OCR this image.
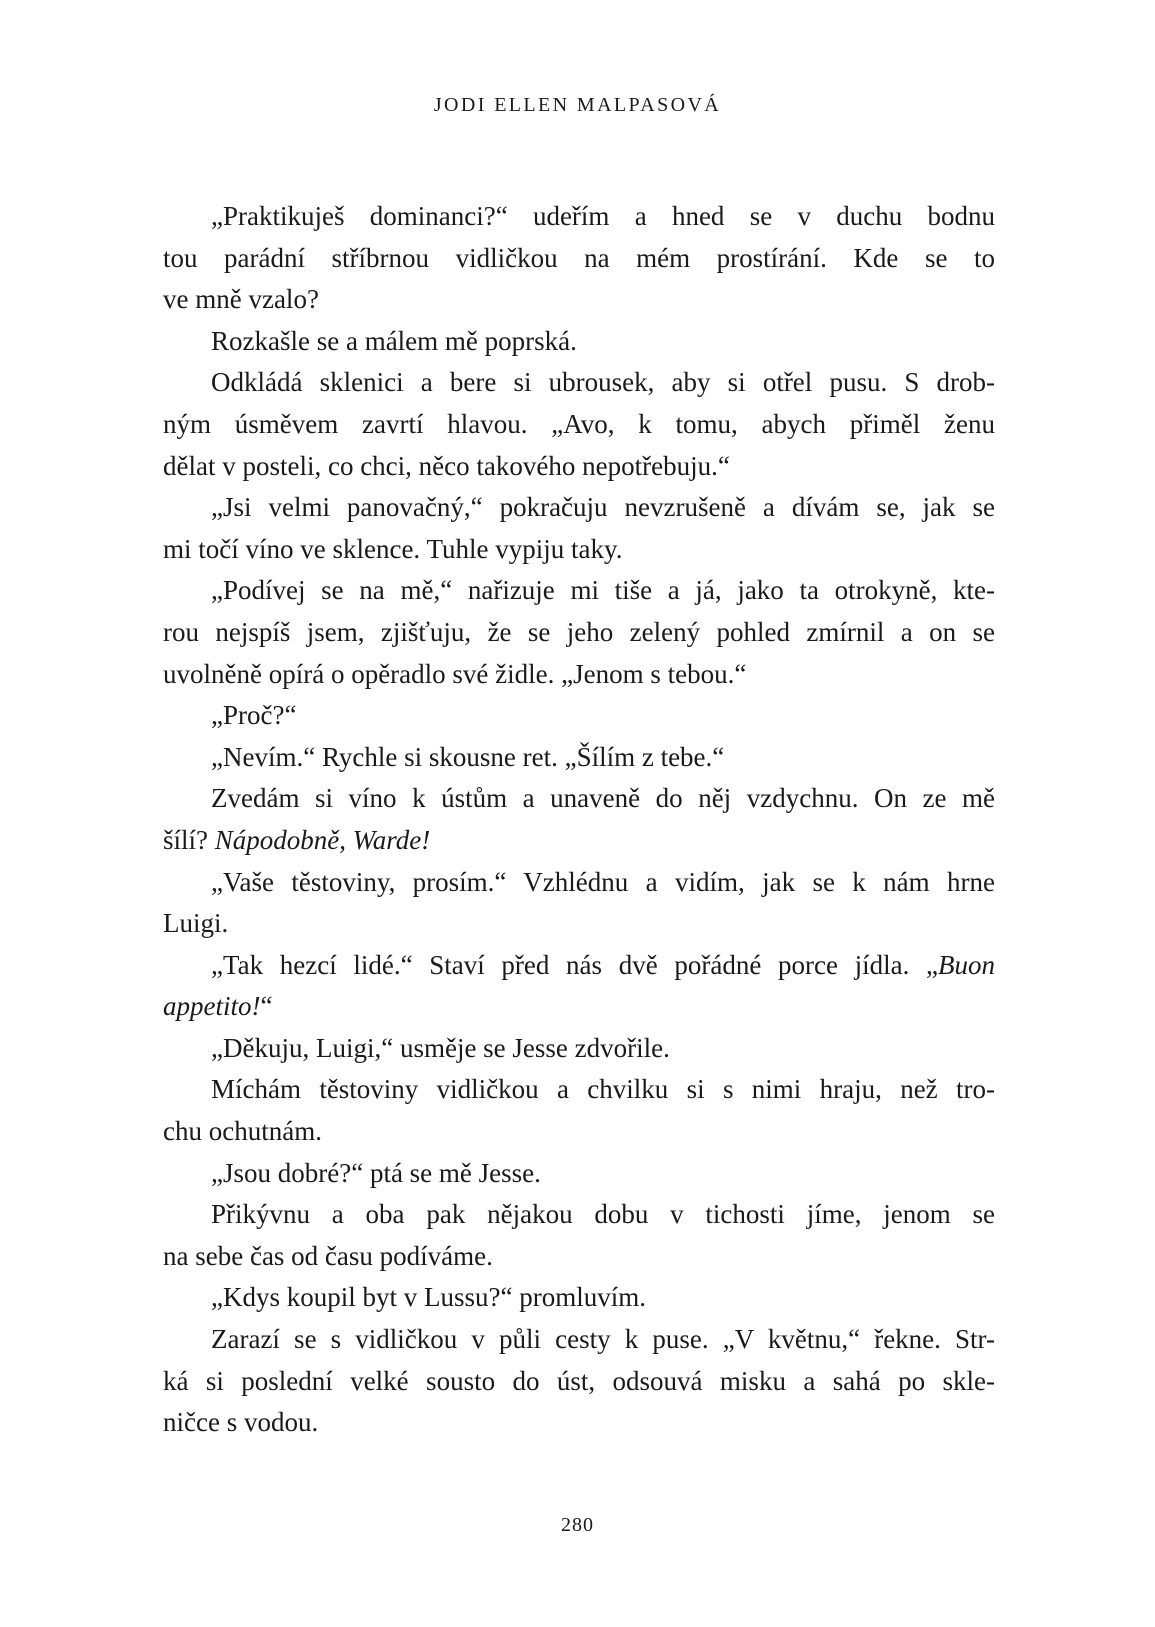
JODI ELLEN MALPASOVÁ
„Praktikuješ dominanci?“ udeřím a hned se v duchu bodnu
tou parádní stříbrnou vidličkou na mém prostírání. Kde se to
ve mně vzalo?
Rozkašle se a málem mě poprská.
Odkládá sklenici a bere si ubrousek, aby si otřel pusu. S drob-
ným úsměvem zavrtí hlavou. „Avo, k tomu, abych přiměl ženu
dělat v posteli, co chci, něco takového nepotřebuju.“
„Jsi velmi panovačný,“ pokračuju nevzrušeně a dívám se, jak se
mi točí víno ve sklence. Tuhle vypiju taky.
„Podívej se na mě,“ nařizuje mi tiše a já, jako ta otrokyně, kte-
rou nejspíš jsem, zjišťuju, že se jeho zelený pohled zmírnil a on se
uvolněně opírá o opěradlo své židle. „Jenom s tebou.“
„Proč?“
„Nevím.“ Rychle si skousne ret. „Šílím z tebe.“
Zvedám si víno k ústům a unaveně do něj vzdychnu. On ze mě
šílí? Nápodobně, Warde!
„Vaše těstoviny, prosím.“ Vzhlédnu a vidím, jak se k nám hrne
Luigi.
„Tak hezcí lidé.“ Staví před nás dvě pořádné porce jídla. „Buon
appetito!“
„Děkuju, Luigi,“ usměje se Jesse zdvořile.
Míchám těstoviny vidličkou a chvilku si s nimi hraju, než tro-
chu ochutnám.
„Jsou dobré?“ ptá se mě Jesse.
Přikývnu a oba pak nějakou dobu v tichosti jíme, jenom se
na sebe čas od času podíváme.
„Kdys koupil byt v Lussu?“ promluvím.
Zarazí se s vidličkou v půli cesty k puse. „V květnu,“ řekne. Str-
ká si poslední velké sousto do úst, odsouvá misku a sahá po skle-
ničce s vodou.
280
